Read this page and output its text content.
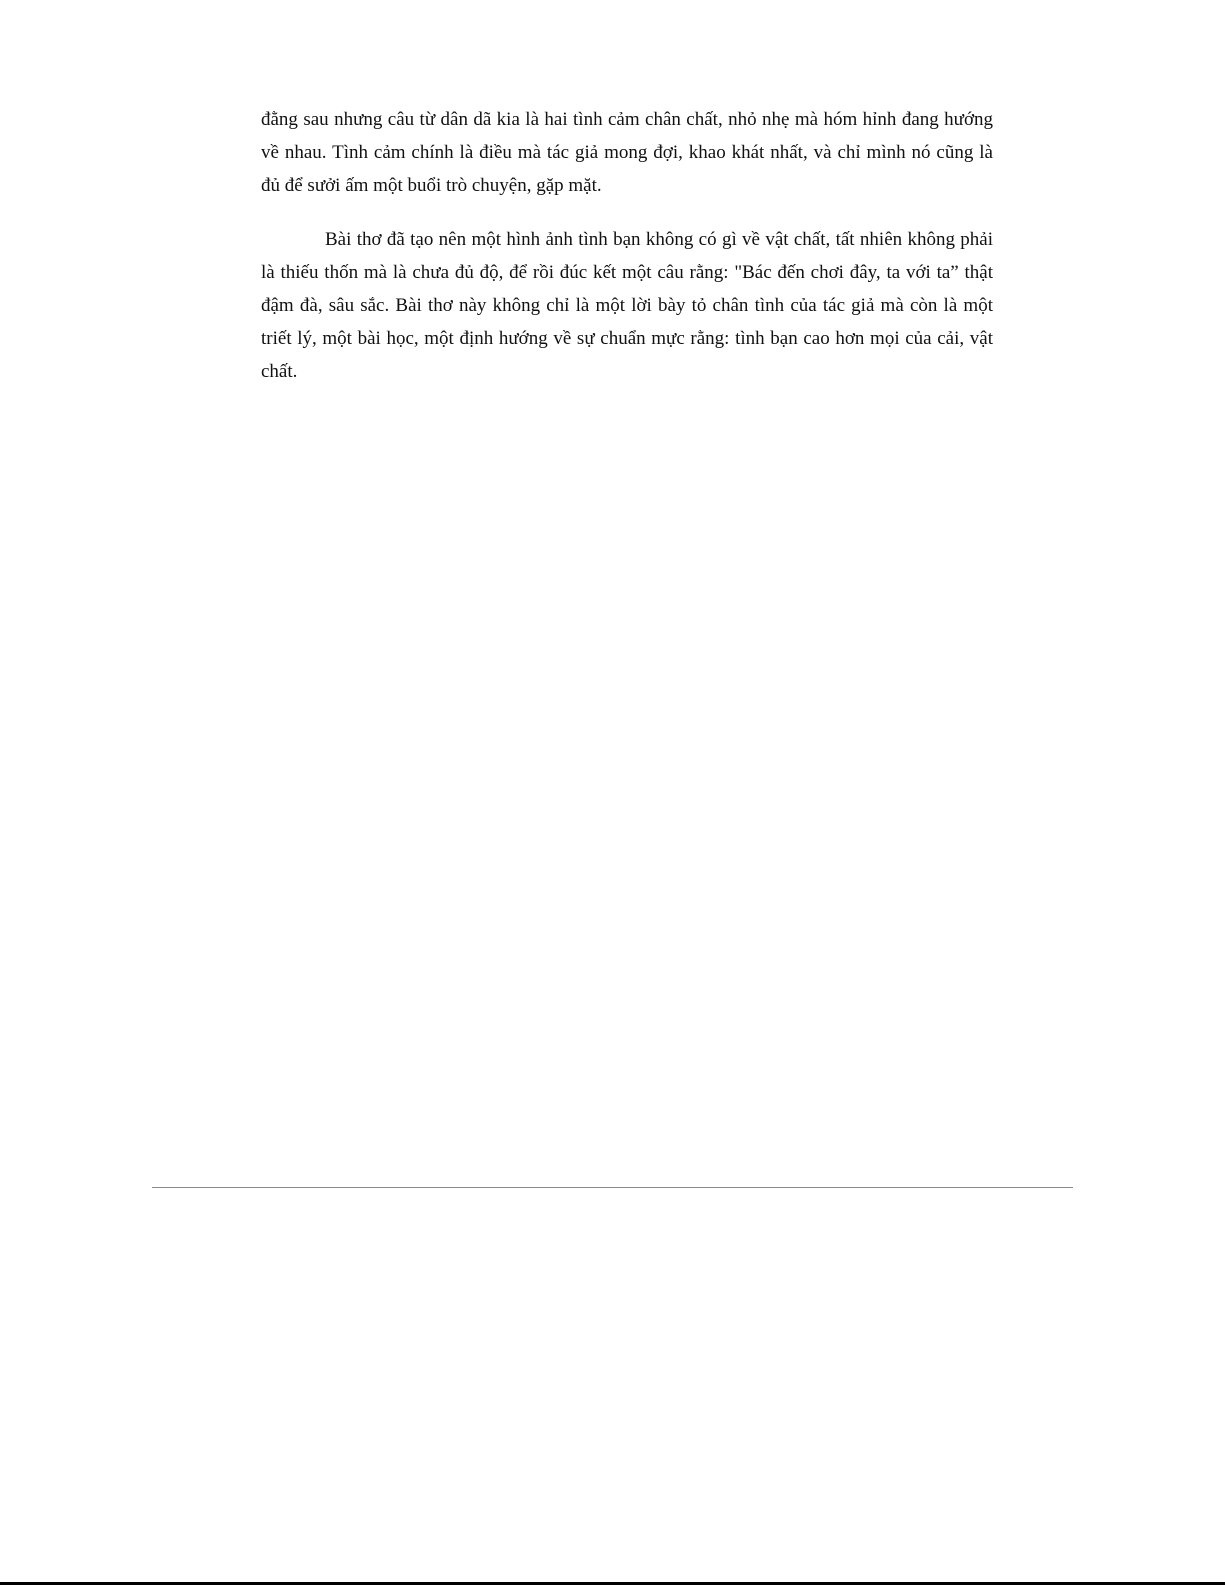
đằng sau nhưng câu từ dân dã kia là hai tình cảm chân chất, nhỏ nhẹ mà hóm hỉnh đang hướng về nhau. Tình cảm chính là điều mà tác giả mong đợi, khao khát nhất, và chỉ mình nó cũng là đủ để sưởi ấm một buổi trò chuyện, gặp mặt.

Bài thơ đã tạo nên một hình ảnh tình bạn không có gì về vật chất, tất nhiên không phải là thiếu thốn mà là chưa đủ độ, để rồi đúc kết một câu rằng: "Bác đến chơi đây, ta với ta” thật đậm đà, sâu sắc. Bài thơ này không chỉ là một lời bày tỏ chân tình của tác giả mà còn là một triết lý, một bài học, một định hướng về sự chuẩn mực rằng: tình bạn cao hơn mọi của cải, vật chất.
